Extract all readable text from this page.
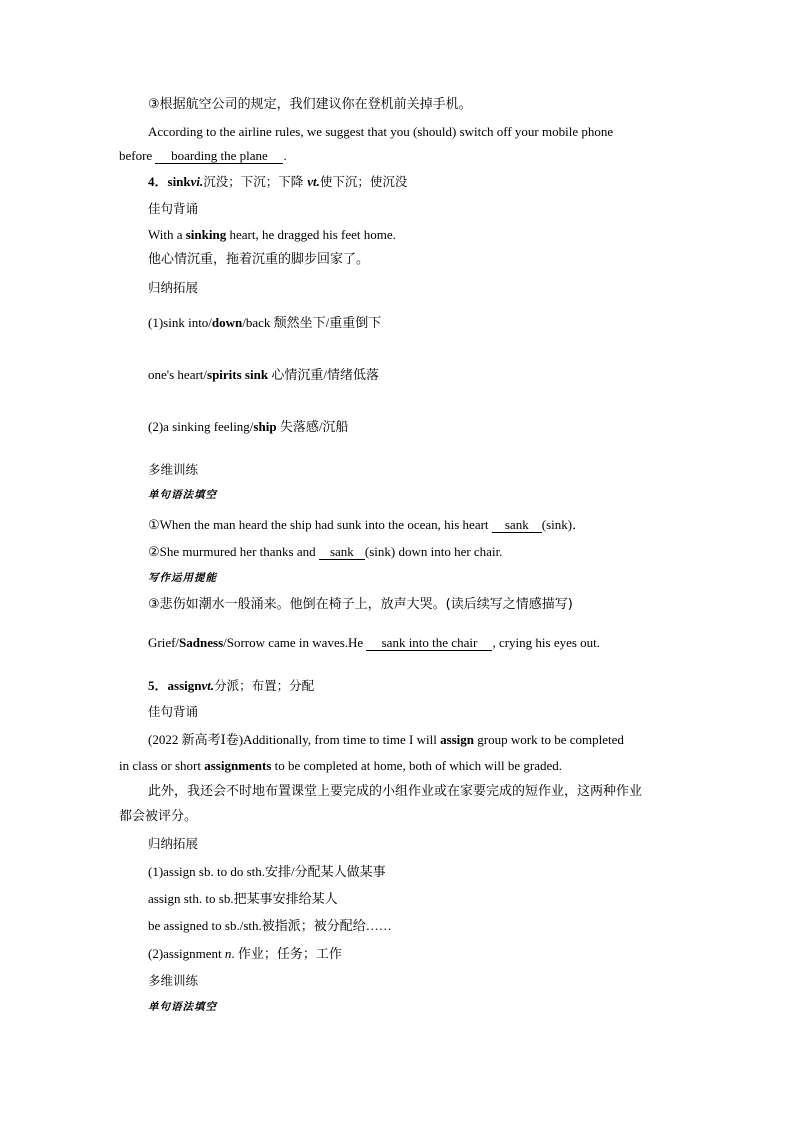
③根据航空公司的规定，我们建议你在登机前关掉手机。
According to the airline rules, we suggest that you (should) switch off your mobile phone
before boarding the plane .
4．sinkvi.沉没；下沉；下降 vt.使下沉；使沉没
佳句背诵
With a sinking heart, he dragged his feet home.
他心情沉重，拖着沉重的脚步回家了。
归纳拓展
(1)sink into/down/back 颓然坐下/重重倒下
one's heart/spirits sink 心情沉重/情绪低落
(2)a sinking feeling/ship 失落感/沉船
多维训练
单句语法填空
①When the man heard the ship had sunk into the ocean, his heart sank (sink)．
②She murmured her thanks and sank (sink) down into her chair.
写作运用提能
③悲伤如潮水一般涌来。他倒在椅子上，放声大哭。(读后续写之情感描写)
Grief/Sadness/Sorrow came in waves.He sank into the chair , crying his eyes out.
5．assignvt.分派；布置；分配
佳句背诵
(2022 新高考Ⅰ卷)Additionally, from time to time I will assign group work to be completed
in class or short assignments to be completed at home, both of which will be graded.
此外，我还会不时地布置课堂上要完成的小组作业或在家要完成的短作业，这两种作业
都会被评分。
归纳拓展
(1)assign sb. to do sth.安排/分配某人做某事
assign sth. to sb.把某事安排给某人
be assigned to sb./sth.被指派；被分配给……
(2)assignment n. 作业；任务；工作
多维训练
单句语法填空
